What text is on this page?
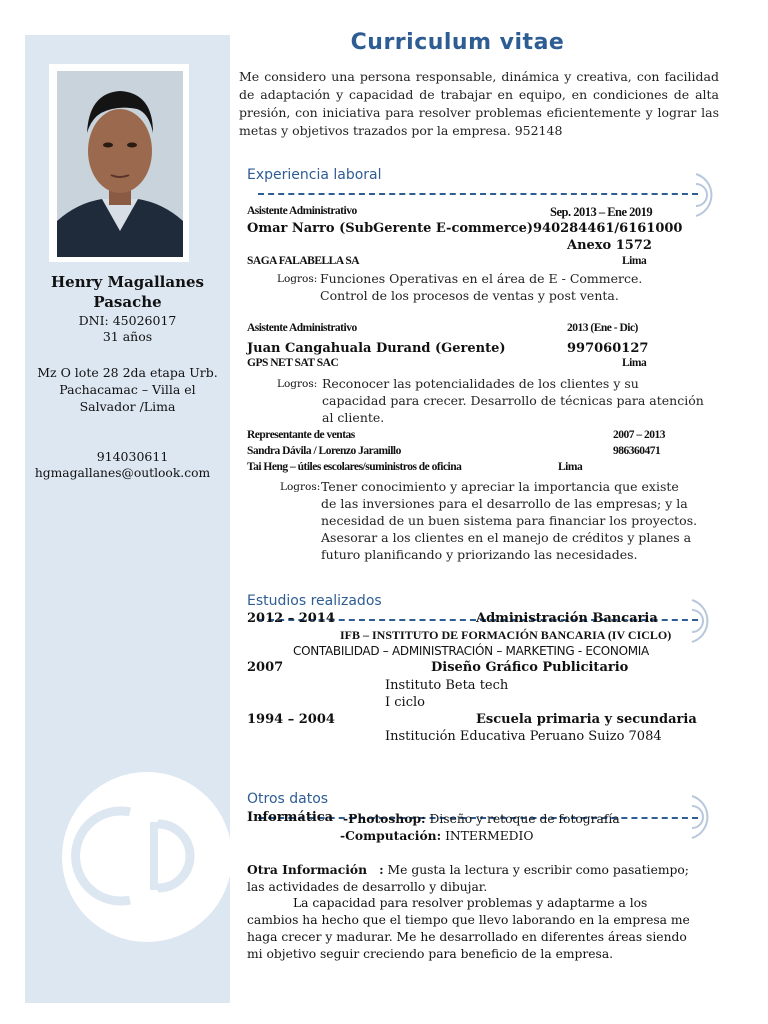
Henry Magallanes
Pasache
DNI: 45026017
31 años
Mz O lote 28 2da etapa Urb.
Pachacamac – Villa el
Salvador /Lima
914030611
hgmagallanes@outlook.com
Curriculum vitae
Me considero una persona responsable, dinámica y creativa, con facilidad de adaptación y capacidad de trabajar en equipo, en condiciones de alta presión, con iniciativa para resolver problemas eficientemente y lograr las metas y objetivos trazados por la empresa. 952148
Experiencia laboral
Asistente Administrativo	Sep. 2013 – Ene 2019
Omar Narro (SubGerente E-commerce) 940284461/6161000
Anexo 1572
SAGA FALABELLA SA	Lima
Logros: Funciones Operativas en el área de E - Commerce.
Control de los procesos de ventas y post venta.
Asistente Administrativo	2013 (Ene - Dic)
Juan Cangahuala Durand (Gerente)	997060127
GPS NET SAT SAC	Lima
Logros: Reconocer las potencialidades de los clientes y su
capacidad para crecer. Desarrollo de técnicas para atención
al cliente.
Representante de ventas	2007 – 2013
Sandra Dávila / Lorenzo Jaramillo	986360471
Tai Heng – útiles escolares/suministros de oficina	Lima
Logros: Tener conocimiento y apreciar la importancia que existe
de las inversiones para el desarrollo de las empresas; y la
necesidad de un buen sistema para financiar los proyectos.
Asesorar a los clientes en el manejo de créditos y planes a
futuro planificando y priorizando las necesidades.
Estudios realizados
2012 – 2014	Administración Bancaria
IFB – INSTITUTO DE FORMACIÓN BANCARIA (IV CICLO)
CONTABILIDAD – ADMINISTRACIÓN – MARKETING - ECONOMIA
2007	Diseño Gráfico Publicitario
Instituto Beta tech
I ciclo
1994 – 2004	Escuela primaria y secundaria
Institución Educativa Peruano Suizo 7084
Otros datos
Informática -Photoshop: Diseño y retoque de fotografía
-Computación: INTERMEDIO
Otra Información : Me gusta la lectura y escribir como pasatiempo;
las actividades de desarrollo y dibujar.
La capacidad para resolver problemas y adaptarme a los
cambios ha hecho que el tiempo que llevo laborando en la empresa me
haga crecer y madurar. Me he desarrollado en diferentes áreas siendo
mi objetivo seguir creciendo para beneficio de la empresa.
